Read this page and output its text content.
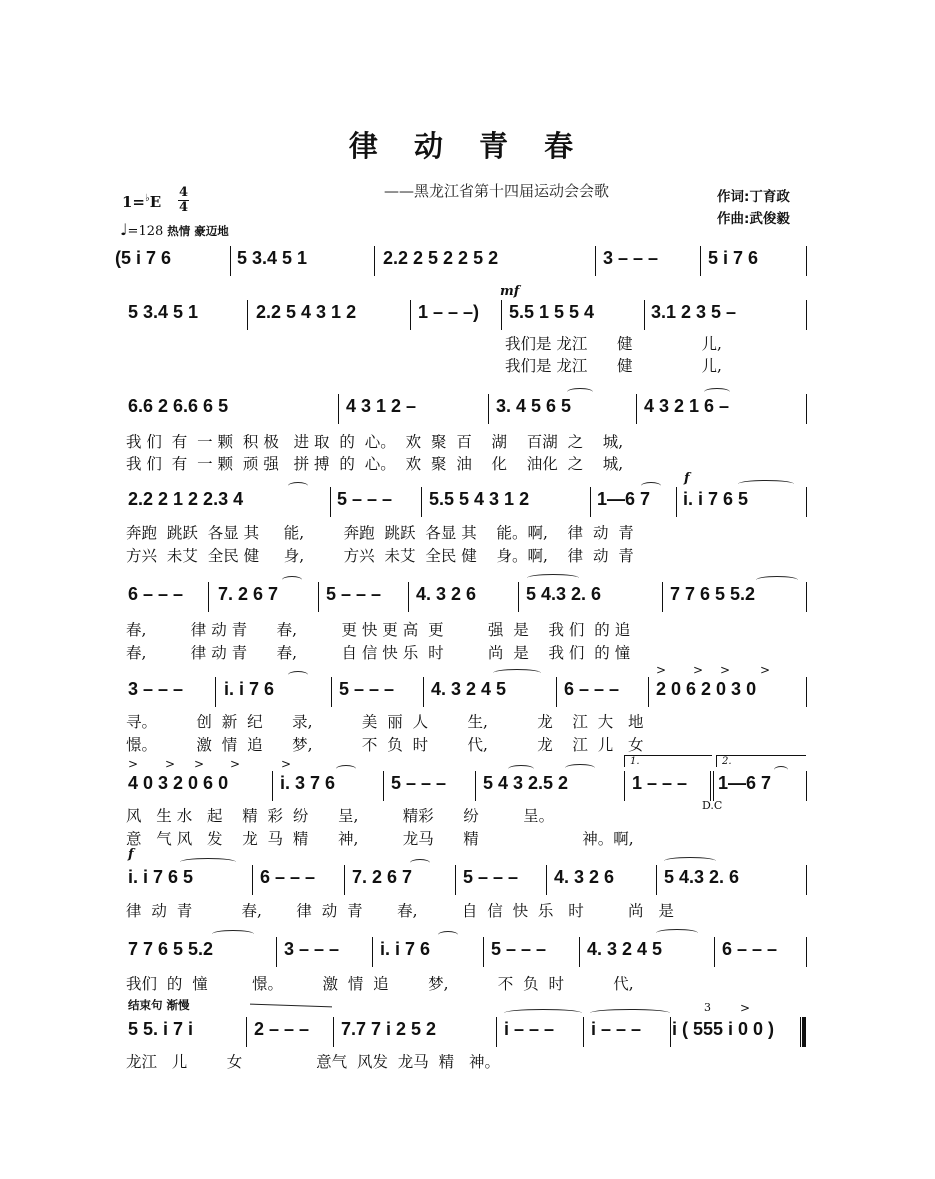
律 动 青 春
——黑龙江省第十四届运动会会歌	作词:丁育政
作曲:武俊毅
1=♭E
4
4
♩=128 热情 豪迈地
(5 i 7 6	5 3.4 5 1	2.2 2 5 2 2 5 2	3 – – –	5 i 7 6
mf
5 3.4 5 1	2.2 5 4 3 1 2	1 – – –) 5.5 1 5 5 4	3.1 2 3 5 –
我们是 龙江      健              儿,
我们是 龙江      健              儿,
6.6 2 6.6 6 5	4 3 1 2 –	3. 4 5 6 5	4 3 2 1 6 –
我 们  有  一 颗  积 极   进 取  的  心。  欢  聚  百    湖    百湖  之    城,
我 们  有  一 颗  顽 强   拼 搏  的  心。  欢  聚  油    化    油化  之    城,
f
2.2 2 1 2 2.3 4	5 – – – 5.5 5 4 3 1 2	1—6 7 i. i 7 6 5
奔跑  跳跃  各显 其     能,        奔跑  跳跃  各显 其    能。啊,    律  动  青
方兴  未艾  全民 健     身,        方兴  未艾  全民 健    身。啊,    律  动  青
6 – – – 7. 2 6 7	5 – – – 4. 3 2 6	5 4.3 2. 6	7 7 6 5 5.2
春,         律 动 青      春,         更 快 更 高  更         强  是    我 们  的 追
春,         律 动 青      春,         自 信 快 乐  时         尚  是    我 们  的 憧
> > > >
3 – – – i. i 7 6	5 – – – 4. 3 2 4 5	6 – – – 2 0 6 2 0 3 0
寻。        创  新  纪      录,          美  丽  人        生,          龙    江  大   地
憬。        激  情  追      梦,          不  负  时        代,          龙    江  儿   女
> > > >	>	1.	2.
D.C
4 0 3 2 0 6 0	i. 3 7 6	5 – – – 5 4 3 2.5 2	1 – – – 1—6 7
风   生 水   起    精  彩  纷      呈,         精彩      纷         呈。
意   气 风   发    龙  马  精      神,         龙马      精                     神。啊,
f
i. i 7 6 5	6 – – – 7. 2 6 7	5 – – – 4. 3 2 6	5 4.3 2. 6
律  动  青          春,       律  动  青       春,         自  信  快  乐   时         尚   是
7 7 6 5 5.2	3 – – – i. i 7 6	5 – – – 4. 3 2 4 5	6 – – –
我们  的  憧         憬。        激  情  追        梦,          不  负  时          代,
结束句 渐慢	3 >
5 5. i 7 i	2 – – – 7.7 7 i 2 5 2	i – – – i – – – i ( 555 i 0 0 )
龙江   儿        女               意气  风发  龙马  精   神。
